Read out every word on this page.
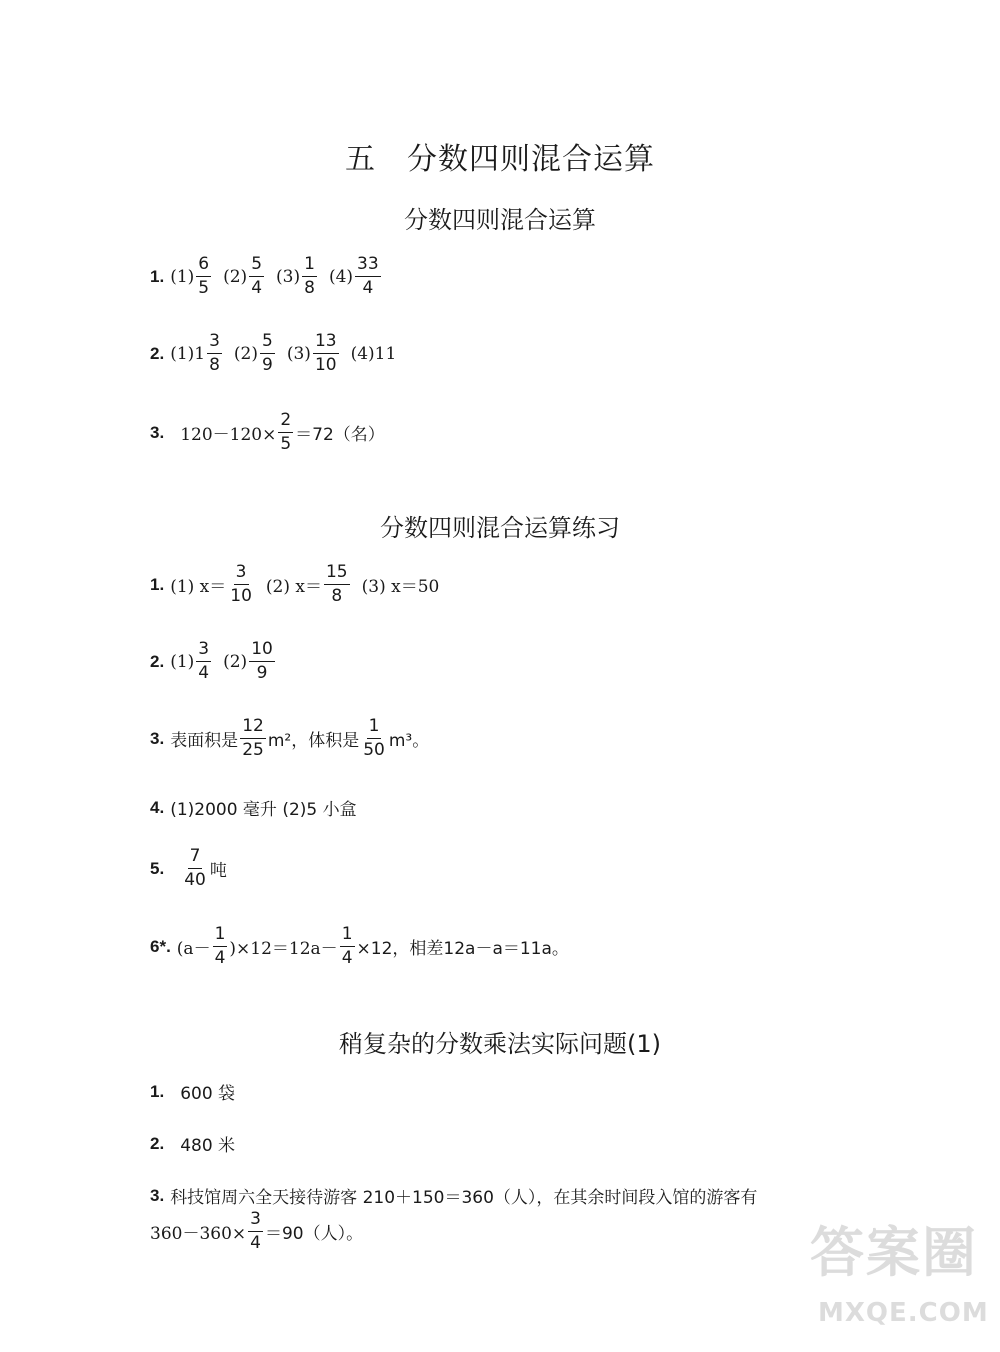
五　分数四则混合运算
分数四则混合运算
1. $(1) \frac{6}{5} (2) \frac{5}{4} (3) \frac{1}{8} (4) \frac{33}{4}$
2. $(1)1 \frac{3}{8} (2) \frac{5}{9} (3) \frac{13}{10} (4)11$
3. $120-120\times \frac{2}{5} =72$（名）
分数四则混合运算练习
1. (1) $x= \frac{3}{10} (2)$ $x= \frac{15}{8} (3)$ x＝50
2. $(1) \frac{3}{4} (2) \frac{10}{9}$
3. 表面积是 $\frac{12}{25} m^2$，体积是 $\frac{1}{50} m^3$。
4. (1)2000 毫升 (2)5 小盒
5. $\frac{7}{40}$ 吨
6*. $(a- \frac{1}{4} )\times 12=12a- \frac{1}{4} \times 12$，相差12a－a＝11a。
稍复杂的分数乘法实际问题(1)
1. 600 袋
2. 480 米
3. 科技馆周六全天接待游客 210＋150＝360（人），在其余时间段入馆的游客有
$360-360\times \frac{3}{4} =90$（人）。	答案圈
MXQE.COM
